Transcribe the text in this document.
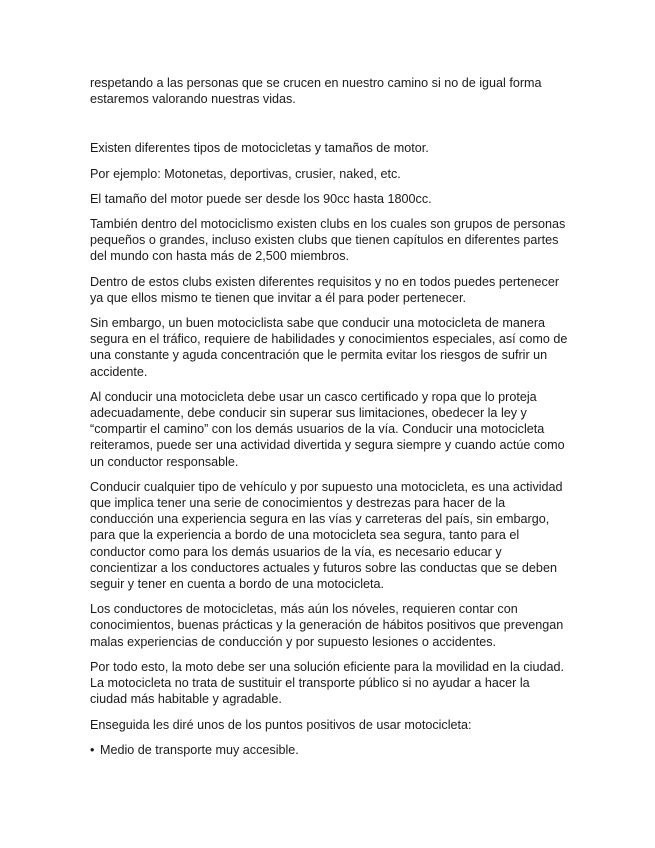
respetando a las personas que se crucen en nuestro camino si no de igual forma estaremos valorando nuestras vidas.

Existen diferentes tipos de motocicletas y tamaños de motor.

Por ejemplo: Motonetas, deportivas, crusier, naked, etc.

El tamaño del motor puede ser desde los 90cc hasta 1800cc.

También dentro del motociclismo existen clubs en los cuales son grupos de personas pequeños o grandes, incluso existen clubs que tienen capítulos en diferentes partes del mundo con hasta más de 2,500 miembros.

Dentro de estos clubs existen diferentes requisitos y no en todos puedes pertenecer ya que ellos mismo te tienen que invitar a él para poder pertenecer.

Sin embargo, un buen motociclista sabe que conducir una motocicleta de manera segura en el tráfico, requiere de habilidades y conocimientos especiales, así como de una constante y aguda concentración que le permita evitar los riesgos de sufrir un accidente.

Al conducir una motocicleta debe usar un casco certificado y ropa que lo proteja adecuadamente, debe conducir sin superar sus limitaciones, obedecer la ley y “compartir el camino” con los demás usuarios de la vía. Conducir una motocicleta reiteramos, puede ser una actividad divertida y segura siempre y cuando actúe como un conductor responsable.

Conducir cualquier tipo de vehículo y por supuesto una motocicleta, es una actividad que implica tener una serie de conocimientos y destrezas para hacer de la conducción una experiencia segura en las vías y carreteras del país, sin embargo, para que la experiencia a bordo de una motocicleta sea segura, tanto para el conductor como para los demás usuarios de la vía, es necesario educar y concientizar a los conductores actuales y futuros sobre las conductas que se deben seguir y tener en cuenta a bordo de una motocicleta.

Los conductores de motocicletas, más aún los nóveles, requieren contar con conocimientos, buenas prácticas y la generación de hábitos positivos que prevengan malas experiencias de conducción y por supuesto lesiones o accidentes.

Por todo esto, la moto debe ser una solución eficiente para la movilidad en la ciudad. La motocicleta no trata de sustituir el transporte público si no ayudar a hacer la ciudad más habitable y agradable.

Enseguida les diré unos de los puntos positivos de usar motocicleta:

• Medio de transporte muy accesible.
